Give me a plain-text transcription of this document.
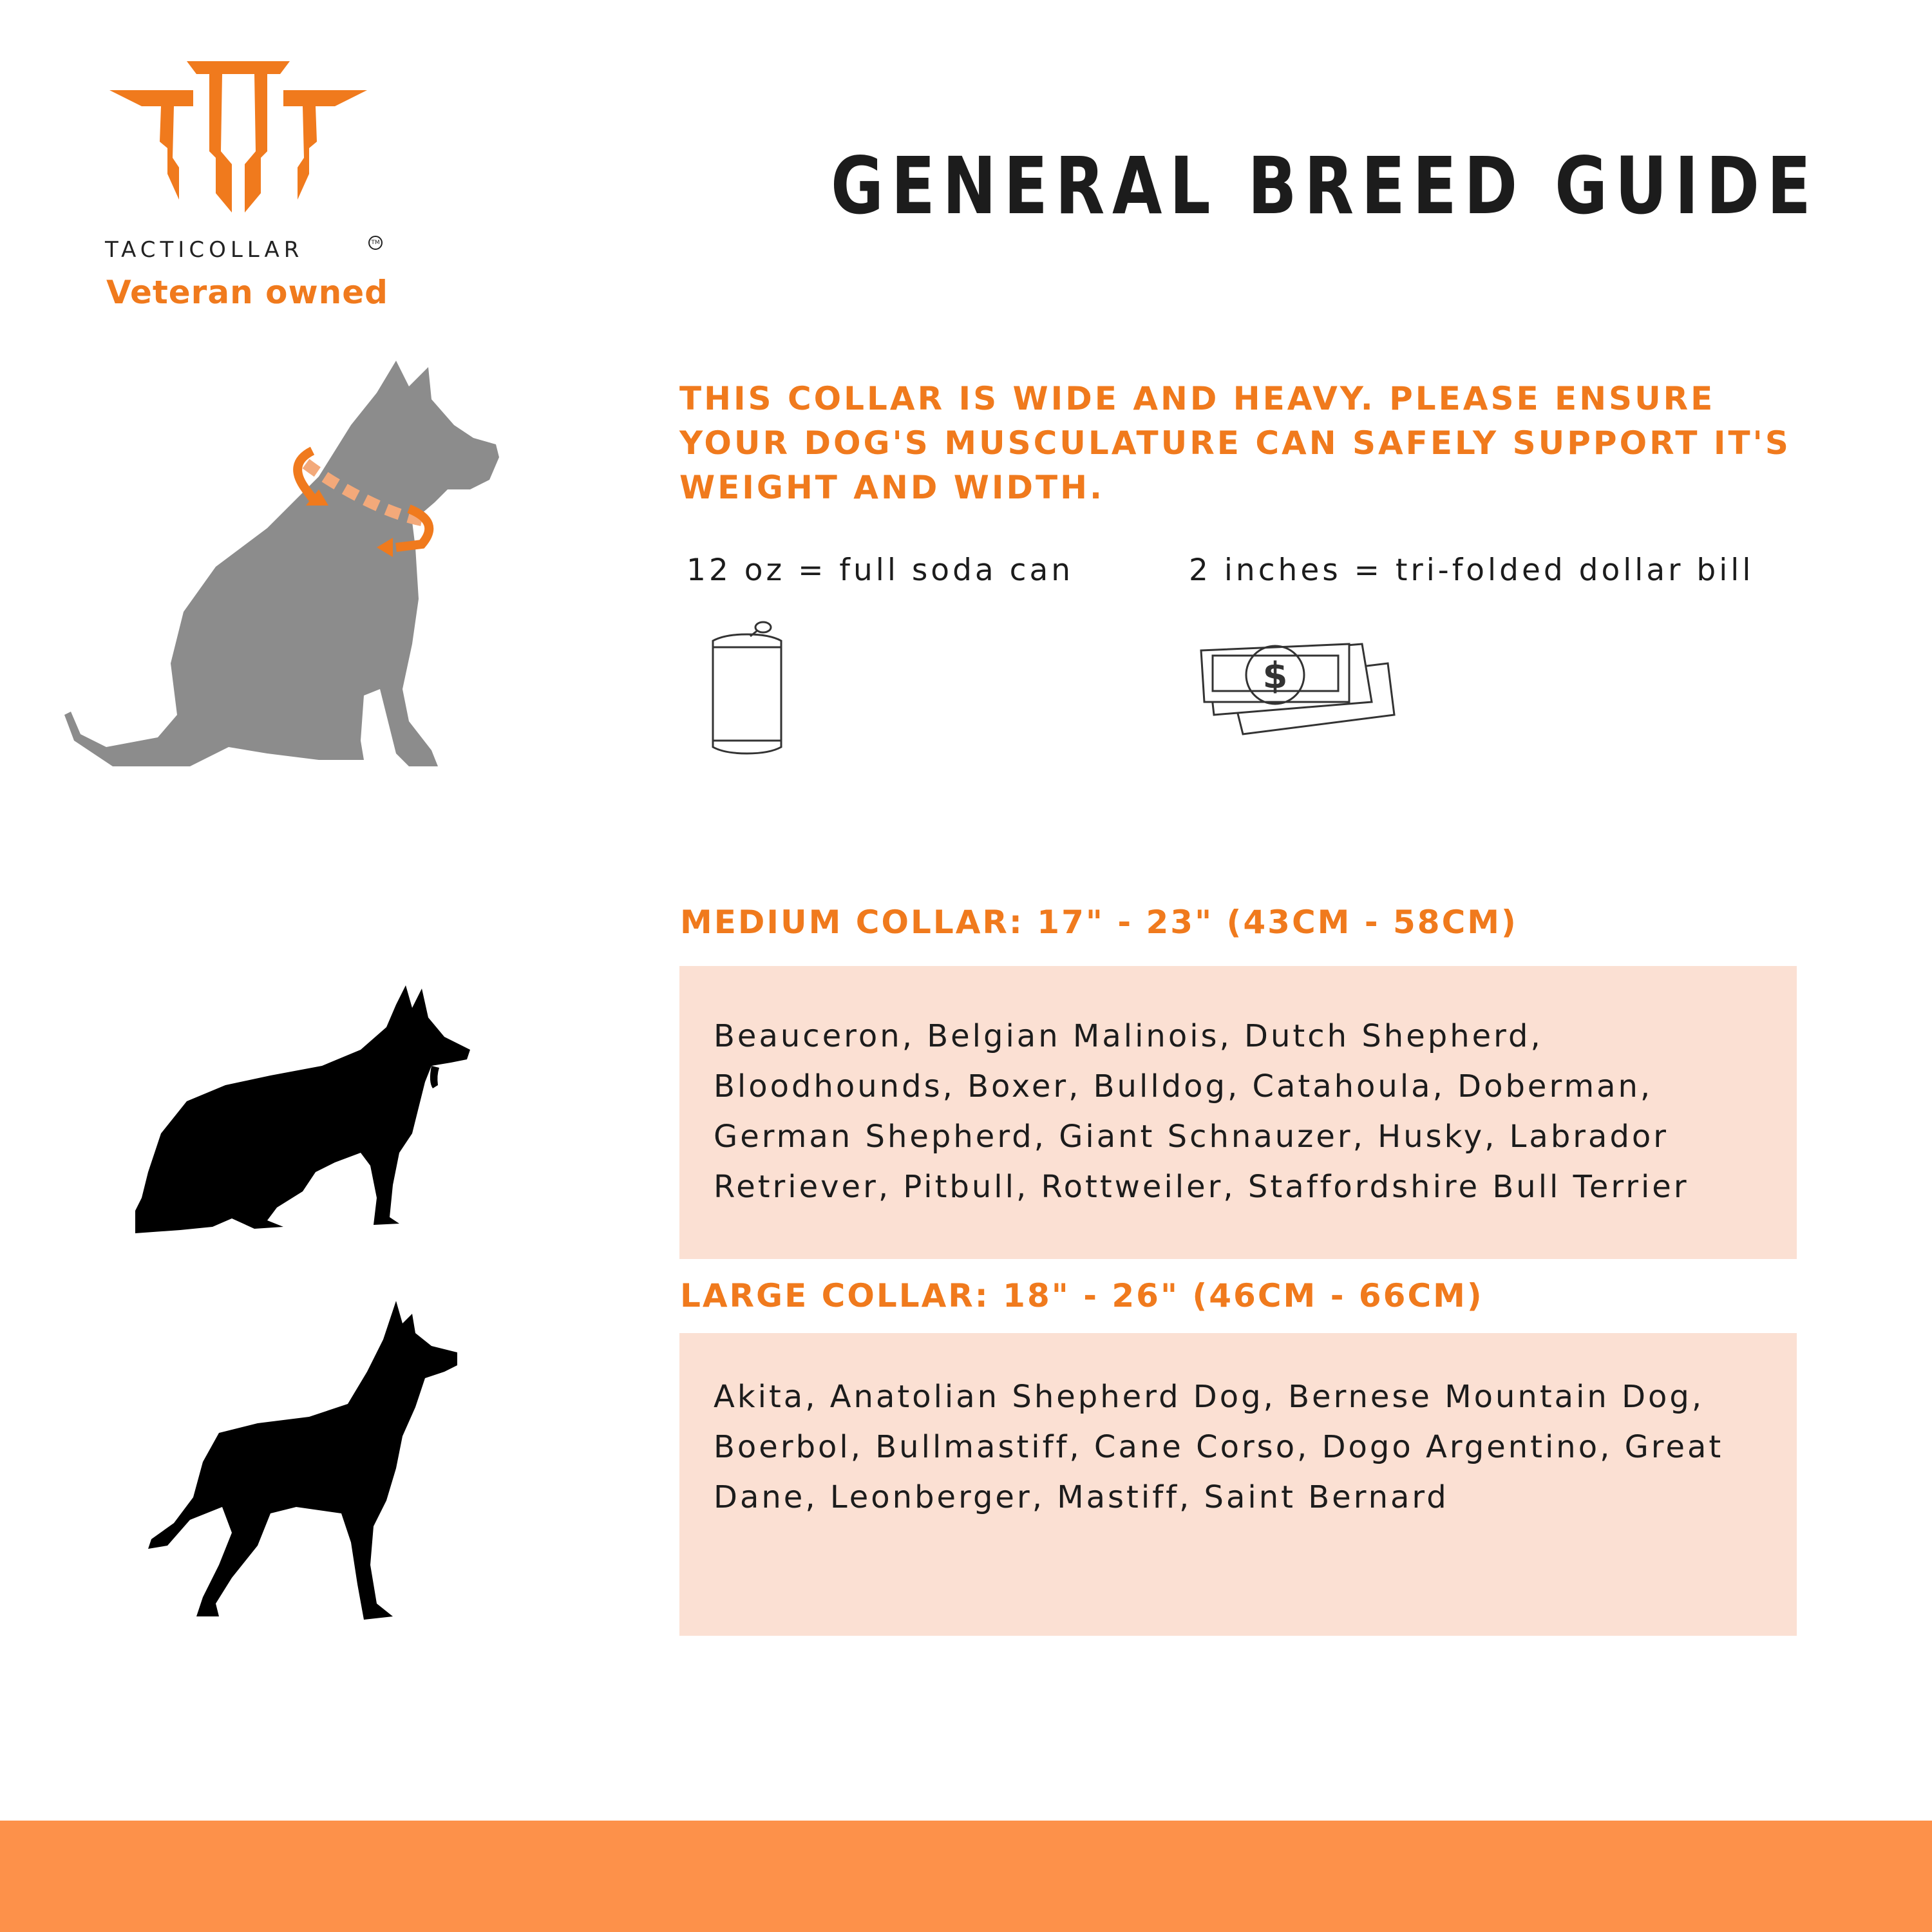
TACTICOLLAR	TM
Veteran owned
GENERAL BREED GUIDE
THIS COLLAR IS WIDE AND HEAVY. PLEASE ENSURE YOUR DOG'S MUSCULATURE CAN SAFELY SUPPORT IT'S WEIGHT AND WIDTH.
12 oz = full soda can	2 inches = tri-folded dollar bill
$
MEDIUM COLLAR: 17" - 23" (43CM - 58CM)
Beauceron, Belgian Malinois, Dutch Shepherd, Bloodhounds, Boxer, Bulldog, Catahoula, Doberman, German Shepherd, Giant Schnauzer, Husky, Labrador Retriever, Pitbull, Rottweiler, Staffordshire Bull Terrier
LARGE COLLAR: 18" - 26" (46CM - 66CM)
Akita, Anatolian Shepherd Dog, Bernese Mountain Dog, Boerbol, Bullmastiff, Cane Corso, Dogo Argentino, Great Dane, Leonberger, Mastiff, Saint Bernard
